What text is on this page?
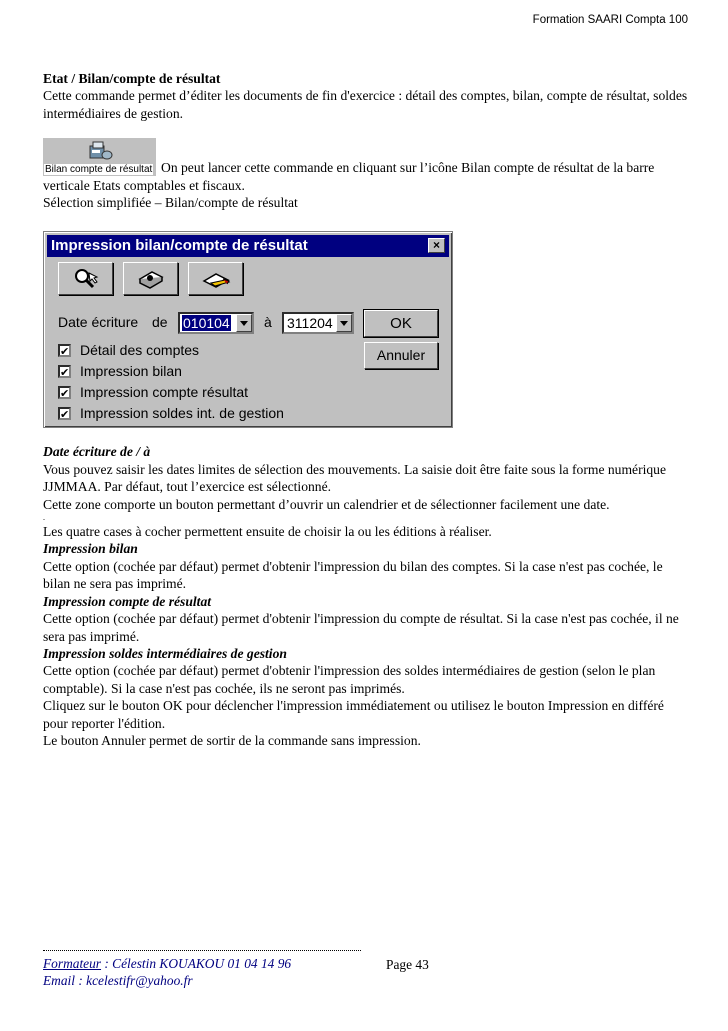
Formation SAARI Compta 100
Etat / Bilan/compte de résultat
Cette commande permet d’éditer les documents de fin d'exercice : détail des comptes, bilan, compte de résultat, soldes intermédiaires de gestion.
Bilan compte de résultat On peut lancer cette commande en cliquant sur l’icône Bilan compte de résultat de la barre verticale Etats comptables et fiscaux.
Sélection simplifiée – Bilan/compte de résultat
Impression bilan/compte de résultat	×
Date écriture de 010104 à 311204	OK
Annuler
✔
Détail des comptes
✔
Impression bilan
✔
Impression compte résultat
✔
Impression soldes int. de gestion
Date écriture de / à
Vous pouvez saisir les dates limites de sélection des mouvements. La saisie doit être faite sous la forme numérique JJMMAA. Par défaut, tout l’exercice est sélectionné.
Cette zone comporte un bouton permettant d’ouvrir un calendrier et de sélectionner facilement une date.
.
Les quatre cases à cocher permettent ensuite de choisir la ou les éditions à réaliser.
Impression bilan
Cette option (cochée par défaut) permet d'obtenir l'impression du bilan des comptes. Si la case n'est pas cochée, le bilan ne sera pas imprimé.
Impression compte de résultat
Cette option (cochée par défaut) permet d'obtenir l'impression du compte de résultat. Si la case n'est pas cochée, il ne sera pas imprimé.
Impression soldes intermédiaires de gestion
Cette option (cochée par défaut) permet d'obtenir l'impression des soldes intermédiaires de gestion (selon le plan comptable). Si la case n'est pas cochée, ils ne seront pas imprimés.
Cliquez sur le bouton OK pour déclencher l'impression immédiatement ou utilisez le bouton Impression en différé pour reporter l'édition.
Le bouton Annuler permet de sortir de la commande sans impression.
Formateur : Célestin KOUAKOU 01 04 14 96
Email : kcelestifr@yahoo.fr
Page 43
